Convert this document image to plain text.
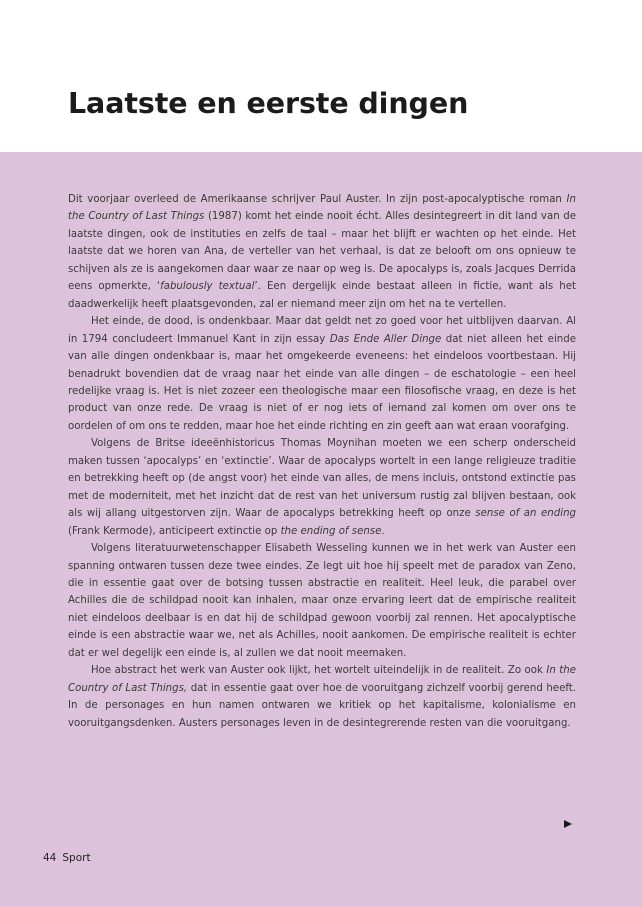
Laatste en eerste dingen

Dit voorjaar overleed de Amerikaanse schrijver Paul Auster. In zijn post-apocalyptische roman In the Country of Last Things (1987) komt het einde nooit écht. Alles desintegreert in dit land van de laatste dingen, ook de instituties en zelfs de taal – maar het blijft er wachten op het einde. Het laatste dat we horen van Ana, de verteller van het verhaal, is dat ze belooft om ons opnieuw te schijven als ze is aangekomen daar waar ze naar op weg is. De apocalyps is, zoals Jacques Derrida eens opmerkte, ‘fabulously textual’. Een dergelijk einde bestaat alleen in fictie, want als het daadwerkelijk heeft plaatsgevonden, zal er niemand meer zijn om het na te vertellen.

Het einde, de dood, is ondenkbaar. Maar dat geldt net zo goed voor het uitblijven daarvan. Al in 1794 concludeert Immanuel Kant in zijn essay Das Ende Aller Dinge dat niet alleen het einde van alle dingen ondenkbaar is, maar het omgekeerde eveneens: het eindeloos voortbestaan. Hij benadrukt bovendien dat de vraag naar het einde van alle dingen – de eschatologie – een heel redelijke vraag is. Het is niet zozeer een theologische maar een filosofische vraag, en deze is het product van onze rede. De vraag is niet of er nog iets of iemand zal komen om over ons te oordelen of om ons te redden, maar hoe het einde richting en zin geeft aan wat eraan voorafging.

Volgens de Britse ideeënhistoricus Thomas Moynihan moeten we een scherp onderscheid maken tussen ‘apocalyps’ en ‘extinctie’. Waar de apocalyps wortelt in een lange religieuze traditie en betrekking heeft op (de angst voor) het einde van alles, de mens incluis, ontstond extinctie pas met de moderniteit, met het inzicht dat de rest van het universum rustig zal blijven bestaan, ook als wij allang uitgestorven zijn. Waar de apocalyps betrekking heeft op onze sense of an ending (Frank Kermode), anticipeert extinctie op the ending of sense.

Volgens literatuurwetenschapper Elisabeth Wesseling kunnen we in het werk van Auster een spanning ontwaren tussen deze twee eindes. Ze legt uit hoe hij speelt met de paradox van Zeno, die in essentie gaat over de botsing tussen abstractie en realiteit. Heel leuk, die parabel over Achilles die de schildpad nooit kan inhalen, maar onze ervaring leert dat de empirische realiteit niet eindeloos deelbaar is en dat hij de schildpad gewoon voorbij zal rennen. Het apocalyptische einde is een abstractie waar we, net als Achilles, nooit aankomen. De empirische realiteit is echter dat er wel degelijk een einde is, al zullen we dat nooit meemaken.

Hoe abstract het werk van Auster ook lijkt, het wortelt uiteindelijk in de realiteit. Zo ook In the Country of Last Things, dat in essentie gaat over hoe de vooruitgang zichzelf voorbij gerend heeft. In de personages en hun namen ontwaren we kritiek op het kapitalisme, kolonialisme en vooruitgangsdenken. Austers personages leven in de desintegrerende resten van die vooruitgang.

44 Sport
